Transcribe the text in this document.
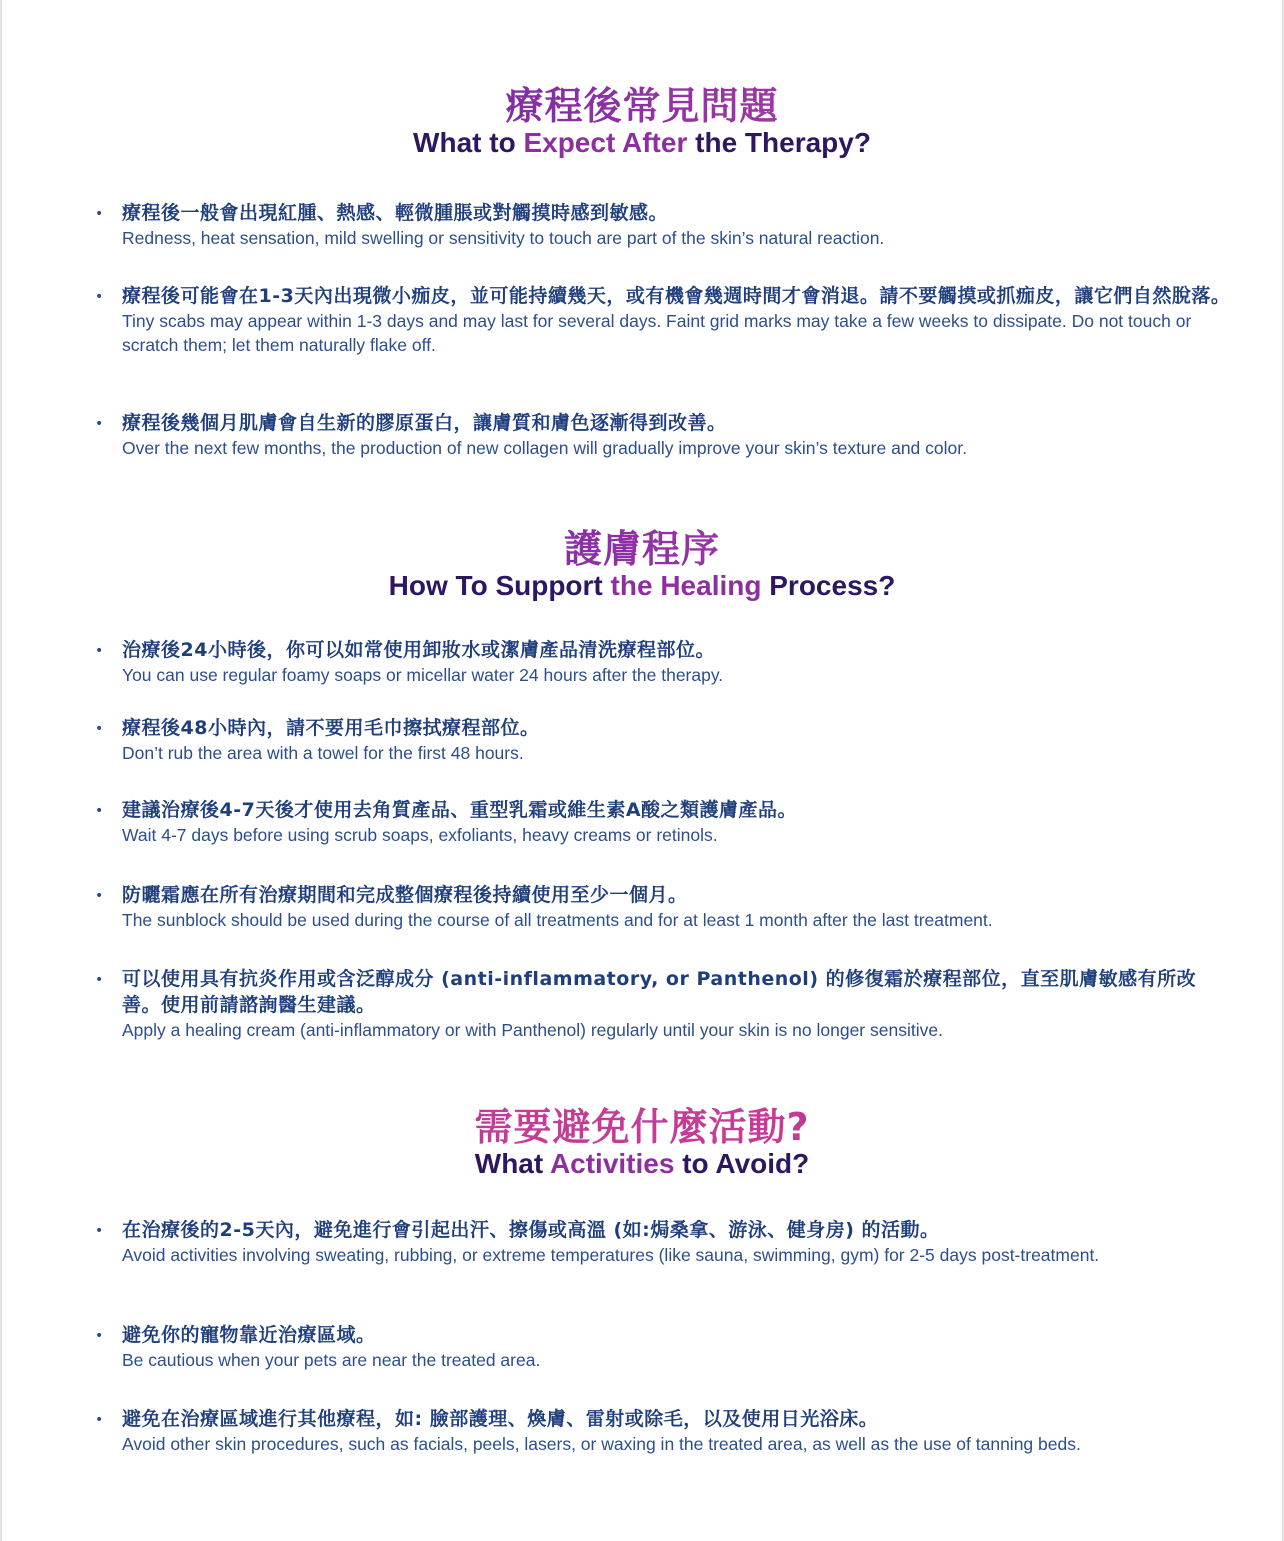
療程後常見問題
What to Expect After the Therapy?
• 療程後一般會出現紅腫、熱感、輕微腫脹或對觸摸時感到敏感。
Redness, heat sensation, mild swelling or sensitivity to touch are part of the skin’s natural reaction.
• 療程後可能會在1-3天內出現微小痂皮，並可能持續幾天，或有機會幾週時間才會消退。請不要觸摸或抓痂皮，讓它們自然脫落。
Tiny scabs may appear within 1-3 days and may last for several days. Faint grid marks may take a few weeks to dissipate. Do not touch or scratch them; let them naturally flake off.
• 療程後幾個月肌膚會自生新的膠原蛋白，讓膚質和膚色逐漸得到改善。
Over the next few months, the production of new collagen will gradually improve your skin’s texture and color.
護膚程序
How To Support the Healing Process?
• 治療後24小時後，你可以如常使用卸妝水或潔膚產品清洗療程部位。
You can use regular foamy soaps or micellar water 24 hours after the therapy.
• 療程後48小時內，請不要用毛巾擦拭療程部位。
Don’t rub the area with a towel for the first 48 hours.
• 建議治療後4-7天後才使用去角質產品、重型乳霜或維生素A酸之類護膚產品。
Wait 4-7 days before using scrub soaps, exfoliants, heavy creams or retinols.
• 防曬霜應在所有治療期間和完成整個療程後持續使用至少一個月。
The sunblock should be used during the course of all treatments and for at least 1 month after the last treatment.
• 可以使用具有抗炎作用或含泛醇成分 (anti-inflammatory, or Panthenol) 的修復霜於療程部位，直至肌膚敏感有所改善。使用前請諮詢醫生建議。
Apply a healing cream (anti-inflammatory or with Panthenol) regularly until your skin is no longer sensitive.
需要避免什麼活動?
What Activities to Avoid?
• 在治療後的2-5天內，避免進行會引起出汗、擦傷或高溫 (如:焗桑拿、游泳、健身房) 的活動。
Avoid activities involving sweating, rubbing, or extreme temperatures (like sauna, swimming, gym) for 2-5 days post-treatment.
• 避免你的寵物靠近治療區域。
Be cautious when your pets are near the treated area.
• 避免在治療區域進行其他療程，如: 臉部護理、煥膚、雷射或除毛，以及使用日光浴床。
Avoid other skin procedures, such as facials, peels, lasers, or waxing in the treated area, as well as the use of tanning beds.
